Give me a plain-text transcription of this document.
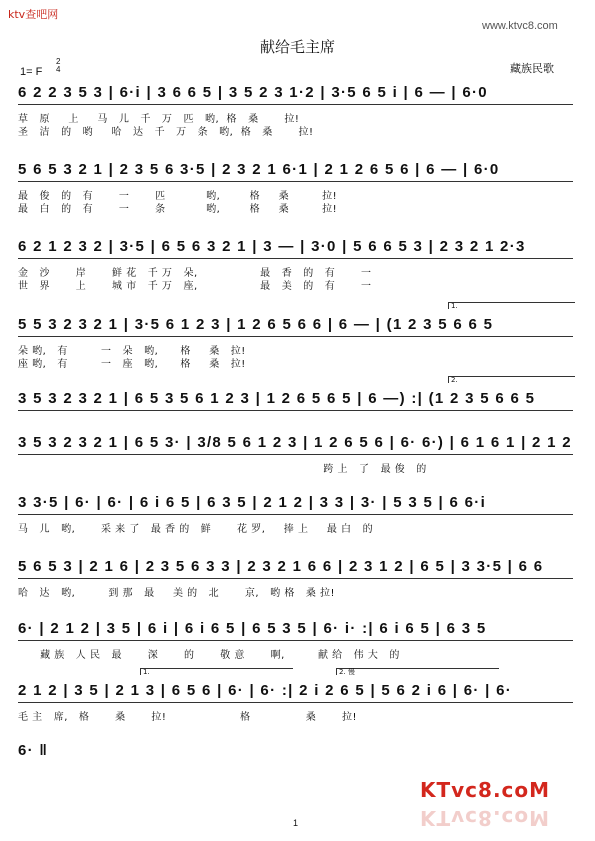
ktv查吧网
www.ktvc8.com
献给毛主席
1= F
2
4	藏族民歌
6 2 2 3 5 3 | 6·i | 3 6 6 5 | 3 5 2 3 1·2 | 3·5 6 5 i | 6 — | 6·0
草   原     上     马   儿   千   万   匹   哟,  格   桑       拉!
圣   洁   的   哟     哈   达   千   万   条   哟,  格   桑       拉!
5 6 5 3 2 1 | 2 3 5 6 3·5 | 2 3 2 1 6·1 | 2 1 2 6 5 6 | 6 — | 6·0
最   俊   的   有       一       匹           哟,        格     桑         拉!
最   白   的   有       一       条           哟,        格     桑         拉!
6 2 1 2 3 2 | 3·5 | 6 5 6 3 2 1 | 3 — | 3·0 | 5 6 6 5 3 | 2 3 2 1 2·3
金   沙       岸       鲜 花   千 万   朵,                 最   香   的   有       一
世   界       上       城 市   千 万   座,                 最   美   的   有       一
1.
5 5 3 2 3 2 1 | 3·5 6 1 2 3 | 1 2 6 5 6 6 | 6 — | (1 2 3 5 6 6 5
朵 哟,   有         一   朵   哟,      格     桑   拉!
座 哟,   有         一   座   哟,      格     桑   拉!
2.
3 5 3 2 3 2 1 | 6 5 3 5 6 1 2 3 | 1 2 6 5 6 5 | 6 —) :| (1 2 3 5 6 6 5
3 5 3 2 3 2 1 | 6 5 3· | 3/8 5 6 1 2 3 | 1 2 6 5 6 | 6· 6·) | 6 1 6 1 | 2 1 2
跨 上   了   最 俊   的
3 3·5 | 6· | 6· | 6 i 6 5 | 6 3 5 | 2 1 2 | 3 3 | 3· | 5 3 5 | 6 6·i
马   儿   哟,       采 来 了   最 香 的   鲜       花 罗,     捧 上     最 白   的
5 6 5 3 | 2 1 6 | 2 3 5 6 3 3 | 2 3 2 1 6 6 | 2 3 1 2 | 6 5 | 3 3·5 | 6 6
哈   达   哟,         到 那   最     美 的   北       京,   哟 格   桑 拉!
6· | 2 1 2 | 3 5 | 6 i | 6 i 6 5 | 6 5 3 5 | 6· i· :| 6 i 6 5 | 6 3 5
藏 族   人 民   最       深       的       敬 意       啊,         献 给   伟 大   的
1.	2. 慢
2 1 2 | 3 5 | 2 1 3 | 6 5 6 | 6· | 6· :| 2 i 2 6 5 | 5 6 2 i 6 | 6· | 6·
毛 主   席,   格       桑       拉!                    格               桑       拉!
6· ‖
KTvc8.coM
KTvc8.coM
1
